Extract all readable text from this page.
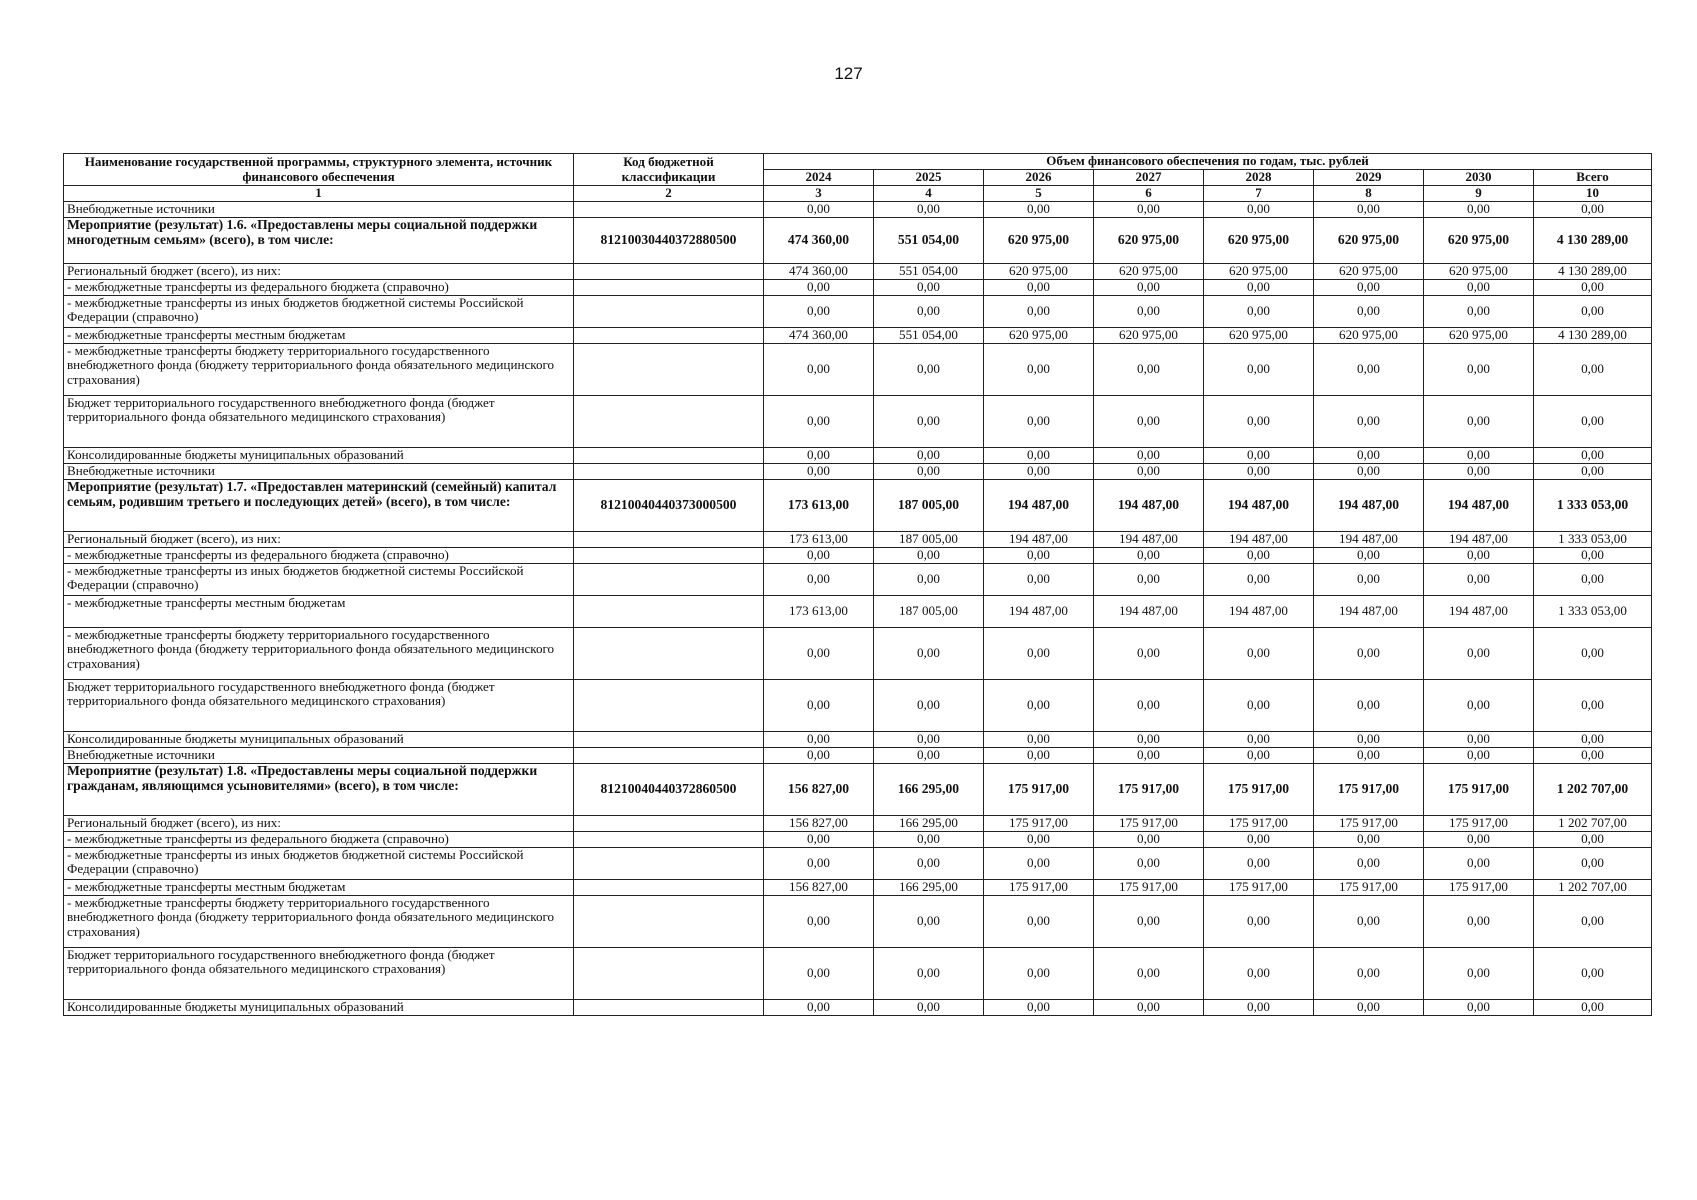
127
Наименование государственной программы, структурного элемента, источник финансового обеспечения	Код бюджетной классификации	Объем финансового обеспечения по годам, тыс. рублей							
		2024	2025	2026	2027	2028	2029	2030	Всего
1	2	3	4	5	6	7	8	9	10
Внебюджетные источники		0,00	0,00	0,00	0,00	0,00	0,00	0,00	0,00
Мероприятие (результат) 1.6. «Предоставлены меры социальной поддержки многодетным семьям» (всего), в том числе:	81210030440372880500	474 360,00	551 054,00	620 975,00	620 975,00	620 975,00	620 975,00	620 975,00	4 130 289,00
Региональный бюджет (всего), из них:		474 360,00	551 054,00	620 975,00	620 975,00	620 975,00	620 975,00	620 975,00	4 130 289,00
- межбюджетные трансферты из федерального бюджета (справочно)		0,00	0,00	0,00	0,00	0,00	0,00	0,00	0,00
- межбюджетные трансферты из иных бюджетов бюджетной системы Российской Федерации (справочно)		0,00	0,00	0,00	0,00	0,00	0,00	0,00	0,00
- межбюджетные трансферты местным бюджетам		474 360,00	551 054,00	620 975,00	620 975,00	620 975,00	620 975,00	620 975,00	4 130 289,00
- межбюджетные трансферты бюджету территориального государственного внебюджетного фонда (бюджету территориального фонда обязательного медицинского страхования)		0,00	0,00	0,00	0,00	0,00	0,00	0,00	0,00
Бюджет территориального государственного внебюджетного фонда (бюджет территориального фонда обязательного медицинского страхования)		0,00	0,00	0,00	0,00	0,00	0,00	0,00	0,00
Консолидированные бюджеты муниципальных образований		0,00	0,00	0,00	0,00	0,00	0,00	0,00	0,00
Внебюджетные источники		0,00	0,00	0,00	0,00	0,00	0,00	0,00	0,00
Мероприятие (результат) 1.7. «Предоставлен материнский (семейный) капитал семьям, родившим третьего и последующих детей» (всего), в том числе:	81210040440373000500	173 613,00	187 005,00	194 487,00	194 487,00	194 487,00	194 487,00	194 487,00	1 333 053,00
Региональный бюджет (всего), из них:		173 613,00	187 005,00	194 487,00	194 487,00	194 487,00	194 487,00	194 487,00	1 333 053,00
- межбюджетные трансферты из федерального бюджета (справочно)		0,00	0,00	0,00	0,00	0,00	0,00	0,00	0,00
- межбюджетные трансферты из иных бюджетов бюджетной системы Российской Федерации (справочно)		0,00	0,00	0,00	0,00	0,00	0,00	0,00	0,00
- межбюджетные трансферты местным бюджетам		173 613,00	187 005,00	194 487,00	194 487,00	194 487,00	194 487,00	194 487,00	1 333 053,00
- межбюджетные трансферты бюджету территориального государственного внебюджетного фонда (бюджету территориального фонда обязательного медицинского страхования)		0,00	0,00	0,00	0,00	0,00	0,00	0,00	0,00
Бюджет территориального государственного внебюджетного фонда (бюджет территориального фонда обязательного медицинского страхования)		0,00	0,00	0,00	0,00	0,00	0,00	0,00	0,00
Консолидированные бюджеты муниципальных образований		0,00	0,00	0,00	0,00	0,00	0,00	0,00	0,00
Внебюджетные источники		0,00	0,00	0,00	0,00	0,00	0,00	0,00	0,00
Мероприятие (результат) 1.8. «Предоставлены меры социальной поддержки гражданам, являющимся усыновителями» (всего), в том числе:	81210040440372860500	156 827,00	166 295,00	175 917,00	175 917,00	175 917,00	175 917,00	175 917,00	1 202 707,00
Региональный бюджет (всего), из них:		156 827,00	166 295,00	175 917,00	175 917,00	175 917,00	175 917,00	175 917,00	1 202 707,00
- межбюджетные трансферты из федерального бюджета (справочно)		0,00	0,00	0,00	0,00	0,00	0,00	0,00	0,00
- межбюджетные трансферты из иных бюджетов бюджетной системы Российской Федерации (справочно)		0,00	0,00	0,00	0,00	0,00	0,00	0,00	0,00
- межбюджетные трансферты местным бюджетам		156 827,00	166 295,00	175 917,00	175 917,00	175 917,00	175 917,00	175 917,00	1 202 707,00
- межбюджетные трансферты бюджету территориального государственного внебюджетного фонда (бюджету территориального фонда обязательного медицинского страхования)		0,00	0,00	0,00	0,00	0,00	0,00	0,00	0,00
Бюджет территориального государственного внебюджетного фонда (бюджет территориального фонда обязательного медицинского страхования)		0,00	0,00	0,00	0,00	0,00	0,00	0,00	0,00
Консолидированные бюджеты муниципальных образований		0,00	0,00	0,00	0,00	0,00	0,00	0,00	0,00
